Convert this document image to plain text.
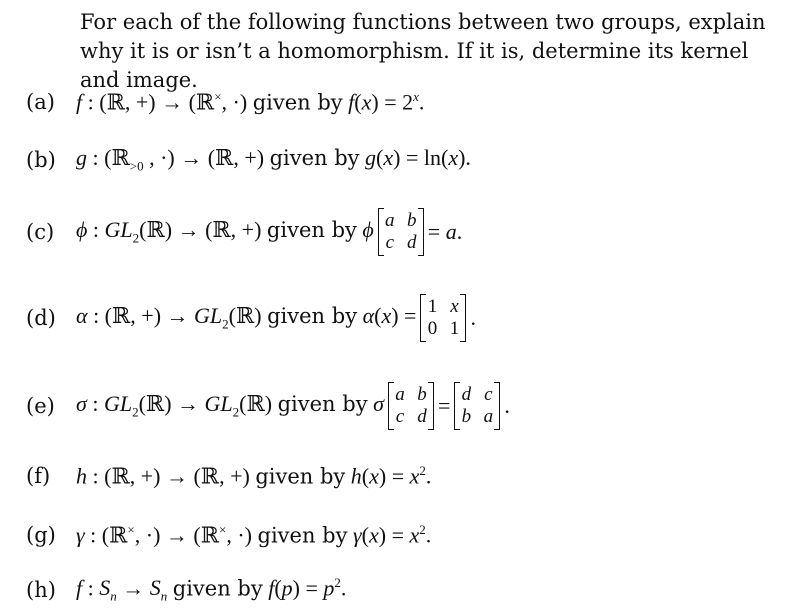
For each of the following functions between two groups, explain why it is or isn’t a homomorphism. If it is, determine its kernel and image.
(a) f : (ℝ, +) → (ℝ×, ·) given by $f(x) = 2^x$.
(b) g : (ℝ$_{>0}$ , ·) → (ℝ, +) given by g(x) = ln(x).
(c) ϕ : $GL_2(ℝ)$ → (ℝ, +) given by ϕ a b
c d = a.
(d) α : (ℝ, +) → $GL_2(ℝ)$ given by α(x) = 1 x
0 1 .
(e) σ : $GL_2(ℝ)$ → $GL_2(ℝ)$ given by σ a b
c d = d c
b a .
(f)	h : (ℝ, +) → (ℝ, +) given by $h(x) = x^2$.
(g) γ : (ℝ×, ·) → (ℝ×, ·) given by $\gamma(x) = x^2$.
(h) f : $S_n \to S_n$ given by $f(p) = p^2$.
